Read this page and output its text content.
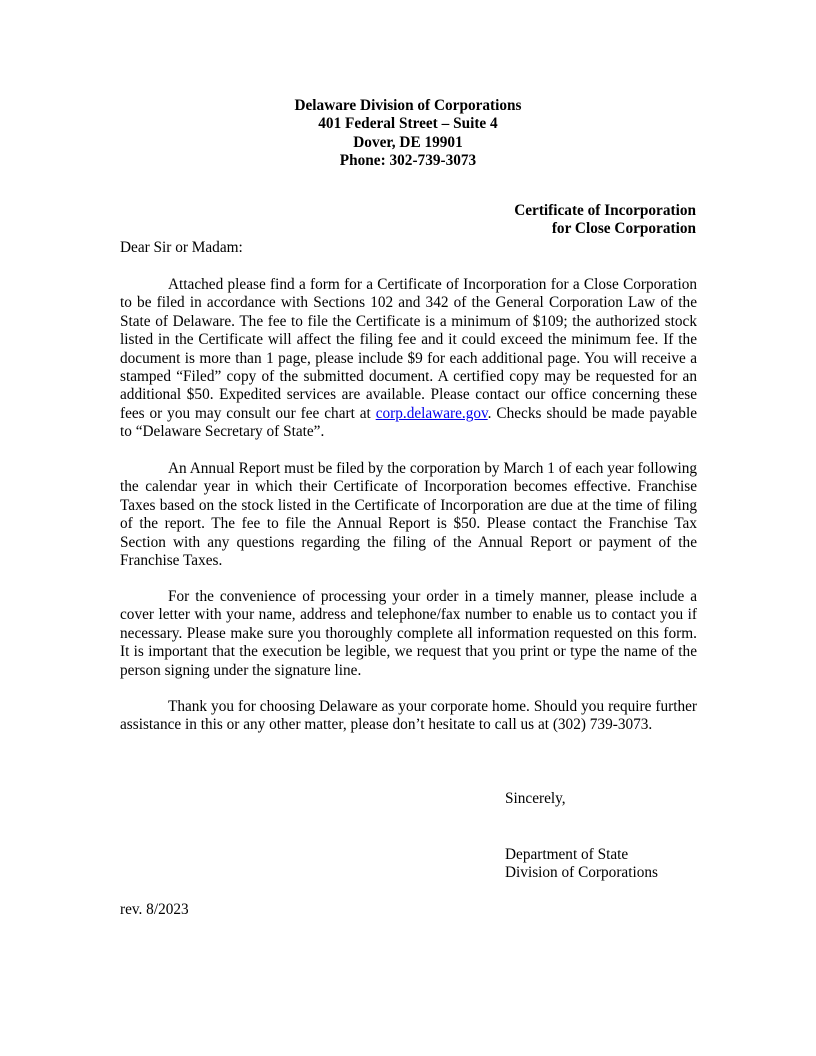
Delaware Division of Corporations
401 Federal Street – Suite 4
Dover, DE 19901
Phone: 302-739-3073
Certificate of Incorporation
for Close Corporation
Dear Sir or Madam:

Attached please find a form for a Certificate of Incorporation for a Close Corporation to be filed in accordance with Sections 102 and 342 of the General Corporation Law of the State of Delaware. The fee to file the Certificate is a minimum of $109; the authorized stock listed in the Certificate will affect the filing fee and it could exceed the minimum fee. If the document is more than 1 page, please include $9 for each additional page. You will receive a stamped “Filed” copy of the submitted document. A certified copy may be requested for an additional $50. Expedited services are available. Please contact our office concerning these fees or you may consult our fee chart at corp.delaware.gov. Checks should be made payable to “Delaware Secretary of State”.

An Annual Report must be filed by the corporation by March 1 of each year following the calendar year in which their Certificate of Incorporation becomes effective. Franchise Taxes based on the stock listed in the Certificate of Incorporation are due at the time of filing of the report. The fee to file the Annual Report is $50. Please contact the Franchise Tax Section with any questions regarding the filing of the Annual Report or payment of the Franchise Taxes.

For the convenience of processing your order in a timely manner, please include a cover letter with your name, address and telephone/fax number to enable us to contact you if necessary. Please make sure you thoroughly complete all information requested on this form. It is important that the execution be legible, we request that you print or type the name of the person signing under the signature line.

Thank you for choosing Delaware as your corporate home. Should you require further assistance in this or any other matter, please don’t hesitate to call us at (302) 739-3073.

Sincerely,
Department of State
Division of Corporations
rev. 8/2023
